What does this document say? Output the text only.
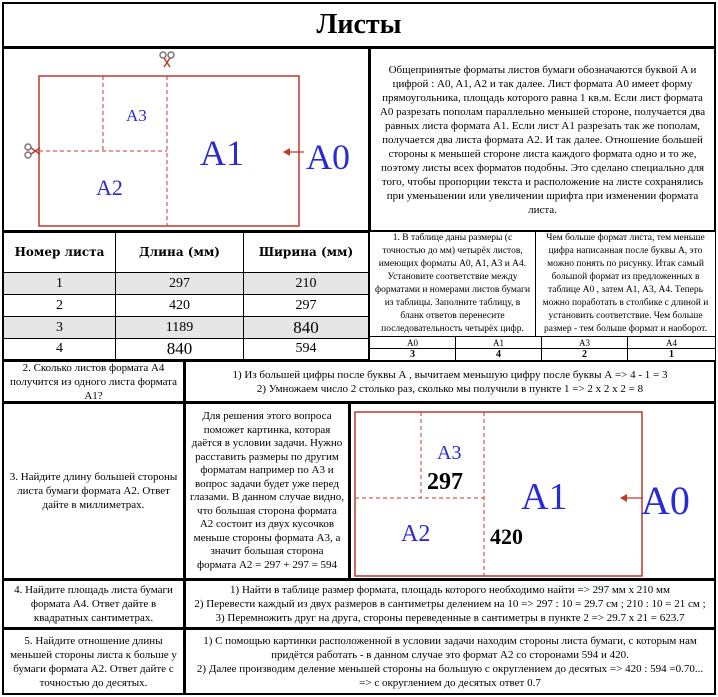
Листы
A3
A2
A1 A0
Общепринятые форматы листов бумаги обозначаются буквой A и цифрой : A0, A1, A2 и так далее. Лист формата A0 имеет форму прямоугольника, площадь которого равна 1 кв.м. Если лист формата A0 разрезать пополам параллельно меньшей стороне, получается два равных листа формата A1. Если лист A1 разрезать так же пополам, получается два листа формата A2. И так далее. Отношение большей стороны к меньшей стороне листа каждого формата одно и то же, поэтому листы всех форматов подобны. Это сделано специально для того, чтобы пропорции текста и расположение на листе сохранялись при уменьшении или увеличении шрифта при изменении формата листа.
Номер листа	Длина (мм)	Ширина (мм)
1	297	210
2	420	297
3	1189	840
4	840	594
1. В таблице даны размеры (с точностью до мм) четырёх листов, имеющих форматы A0, A1, A3 и A4. Установите соответствие между форматами и номерами листов бумаги из таблицы. Заполните таблицу, в бланк ответов перенесите последовательность четырёх цифр.
Чем больше формат листа, тем меньше цифра написанная после буквы А, это можно понять по рисунку. Итак самый большой формат из предложенных в таблице А0 , затем А1, А3, А4. Теперь можно поработать в столбике с длиной и установить соответствие. Чем больше размер - тем больше формат и наоборот.
A0	A1	A3	A4
3	4	2	1
2. Сколько листов формата А4 получится из одного листа формата А1?
1) Из большей цифры после буквы А , вычитаем меньшую цифру после буквы А => 4 - 1 = 3
2) Умножаем число 2 столько раз, сколько мы получили в пункте 1 => 2 х 2 х 2 = 8
3. Найдите длину большей стороны листа бумаги формата А2. Ответ дайте в миллиметрах.
Для решения этого вопроса поможет картинка, которая даётся в условии задачи. Нужно расставить размеры по другим форматам например по А3 и вопрос задачи будет уже перед глазами. В данном случае видно, что большая сторона формата А2 состоит из двух кусочков меньше стороны формата А3, а значит большая сторона формата А2 = 297 + 297 = 594
A3
297
A2	420
A1 A0
4. Найдите площадь листа бумаги формата А4. Ответ дайте в квадратных сантиметрах.
1) Найти в таблице размер формата, площадь которого необходимо найти => 297 мм х 210 мм
2) Перевести каждый из двух размеров в сантиметры делением на 10 => 297 : 10 = 29.7 см ; 210 : 10 = 21 см ;
3) Перемножить друг на друга, стороны переведенные в сантиметры в пункте 2 => 29.7 х 21 = 623.7
5. Найдите отношение длины меньшей стороны листа к больше у бумаги формата А2. Ответ дайте с точностью до десятых.
1) С помощью картинки расположенной в условии задачи находим стороны листа бумаги, с которым нам придётся работать - в данном случае это формат А2 со сторонами 594 и 420.
2) Далее производим деление меньшей стороны на большую с округлением до десятых => 420 : 594 =0.70... => с округлением до десятых ответ 0.7
